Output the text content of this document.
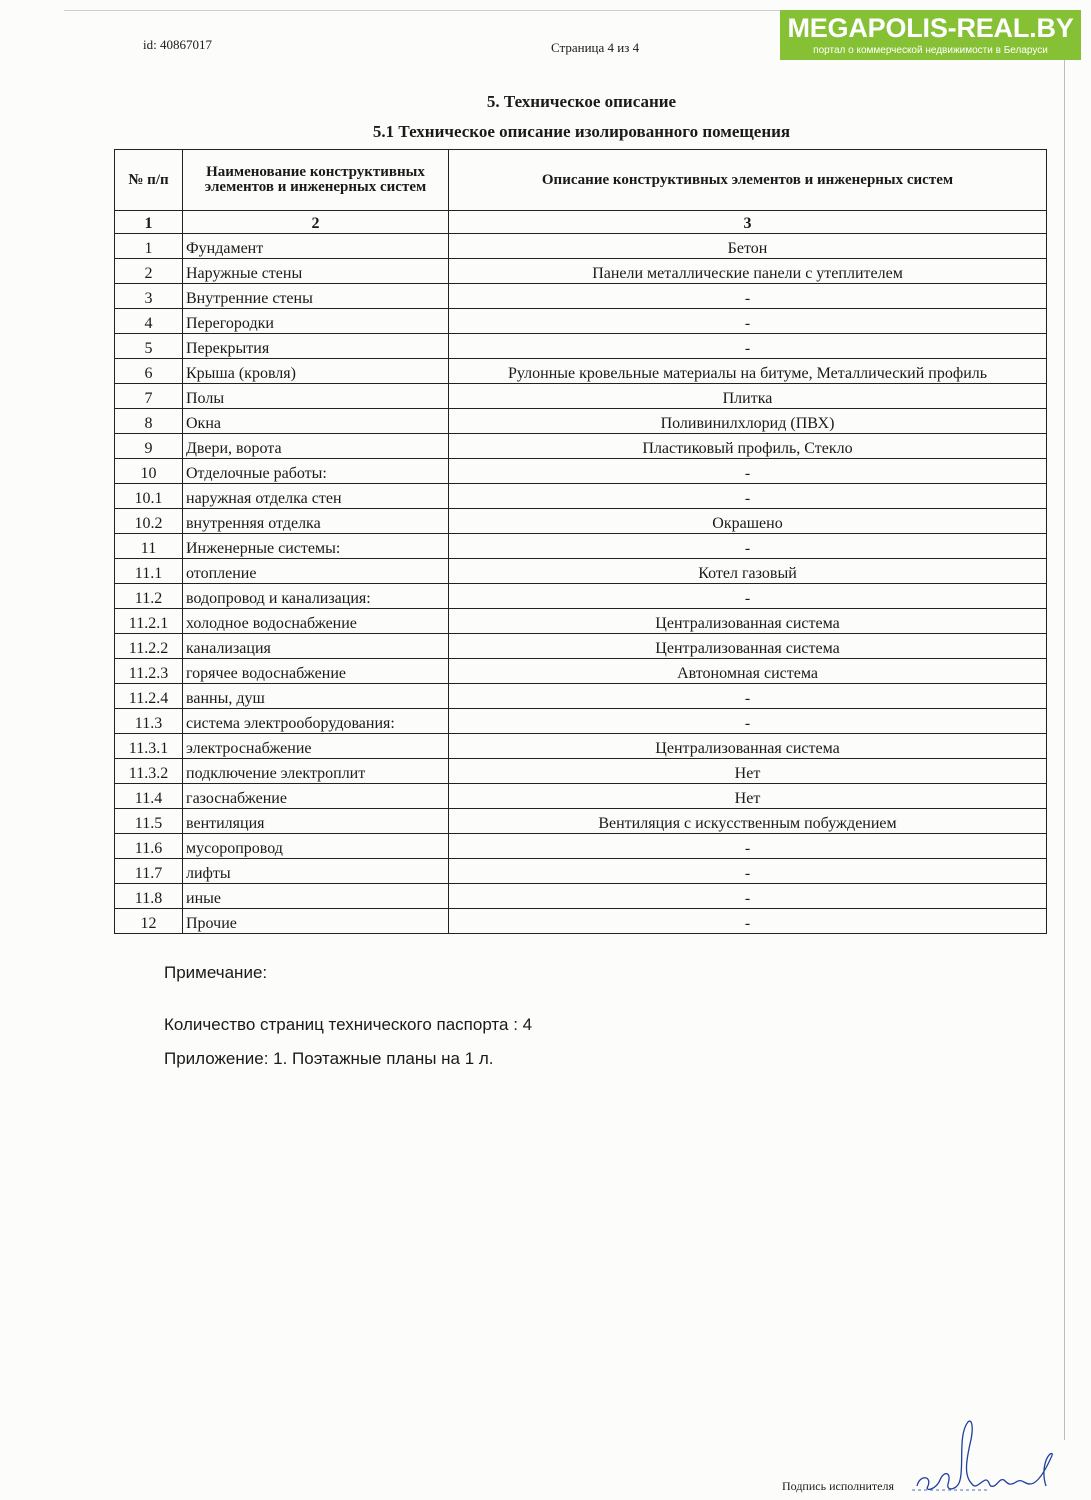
id: 40867017	Страница 4 из 4
MEGAPOLIS-REAL.BY
портал о коммерческой недвижимости в Беларуси
5. Техническое описание
5.1 Техническое описание изолированного помещения
№ п/п	Наименование конструктивных элементов и инженерных систем	Описание конструктивных элементов и инженерных систем
1	2	3
1	Фундамент	Бетон
2	Наружные стены	Панели металлические панели с утеплителем
3	Внутренние стены	-
4	Перегородки	-
5	Перекрытия	-
6	Крыша (кровля)	Рулонные кровельные материалы на битуме, Металлический профиль
7	Полы	Плитка
8	Окна	Поливинилхлорид (ПВХ)
9	Двери, ворота	Пластиковый профиль, Стекло
10	Отделочные работы:	-
10.1	наружная отделка стен	-
10.2	внутренняя отделка	Окрашено
11	Инженерные системы:	-
11.1	отопление	Котел газовый
11.2	водопровод и канализация:	-
11.2.1	холодное водоснабжение	Централизованная система
11.2.2	канализация	Централизованная система
11.2.3	горячее водоснабжение	Автономная система
11.2.4	ванны, душ	-
11.3	система электрооборудования:	-
11.3.1	электроснабжение	Централизованная система
11.3.2	подключение электроплит	Нет
11.4	газоснабжение	Нет
11.5	вентиляция	Вентиляция с искусственным побуждением
11.6	мусоропровод	-
11.7	лифты	-
11.8	иные	-
12	Прочие	-

Примечание:

Количество страниц технического паспорта : 4

Приложение: 1. Поэтажные планы на 1 л.

Подпись исполнителя
